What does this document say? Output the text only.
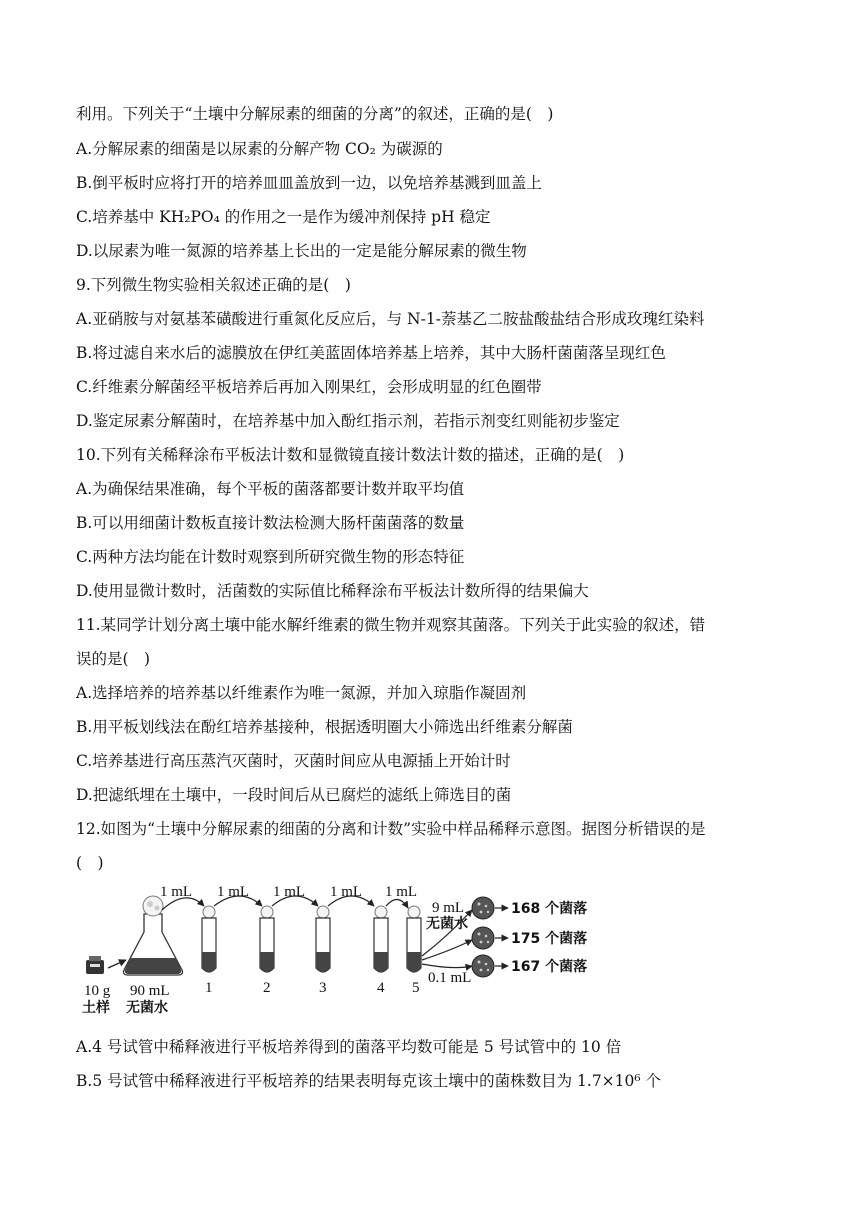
利用。下列关于“土壤中分解尿素的细菌的分离”的叙述，正确的是(　)
A.分解尿素的细菌是以尿素的分解产物 CO₂ 为碳源的
B.倒平板时应将打开的培养皿皿盖放到一边，以免培养基溅到皿盖上
C.培养基中 KH₂PO₄ 的作用之一是作为缓冲剂保持 pH 稳定
D.以尿素为唯一氮源的培养基上长出的一定是能分解尿素的微生物
9.下列微生物实验相关叙述正确的是(　)
A.亚硝胺与对氨基苯磺酸进行重氮化反应后，与 N-1-萘基乙二胺盐酸盐结合形成玫瑰红染料
B.将过滤自来水后的滤膜放在伊红美蓝固体培养基上培养，其中大肠杆菌菌落呈现红色
C.纤维素分解菌经平板培养后再加入刚果红，会形成明显的红色圈带
D.鉴定尿素分解菌时，在培养基中加入酚红指示剂，若指示剂变红则能初步鉴定
10.下列有关稀释涂布平板法计数和显微镜直接计数法计数的描述，正确的是(　)
A.为确保结果准确，每个平板的菌落都要计数并取平均值
B.可以用细菌计数板直接计数法检测大肠杆菌菌落的数量
C.两种方法均能在计数时观察到所研究微生物的形态特征
D.使用显微计数时，活菌数的实际值比稀释涂布平板法计数所得的结果偏大
11.某同学计划分离土壤中能水解纤维素的微生物并观察其菌落。下列关于此实验的叙述，错
误的是(　)
A.选择培养的培养基以纤维素作为唯一氮源，并加入琼脂作凝固剂
B.用平板划线法在酚红培养基接种，根据透明圈大小筛选出纤维素分解菌
C.培养基进行高压蒸汽灭菌时，灭菌时间应从电源插上开始计时
D.把滤纸埋在土壤中，一段时间后从已腐烂的滤纸上筛选目的菌
12.如图为“土壤中分解尿素的细菌的分离和计数”实验中样品稀释示意图。据图分析错误的是
(　)
10 g
土样
90 mL
无菌水
1 mL 1 mL 1 mL 1 mL 1 mL
1	2	3	4 5
9 mL
无菌水
0.1 mL
168 个菌落
175 个菌落
167 个菌落
A.4 号试管中稀释液进行平板培养得到的菌落平均数可能是 5 号试管中的 10 倍
B.5 号试管中稀释液进行平板培养的结果表明每克该土壤中的菌株数目为 1.7×10⁶ 个
